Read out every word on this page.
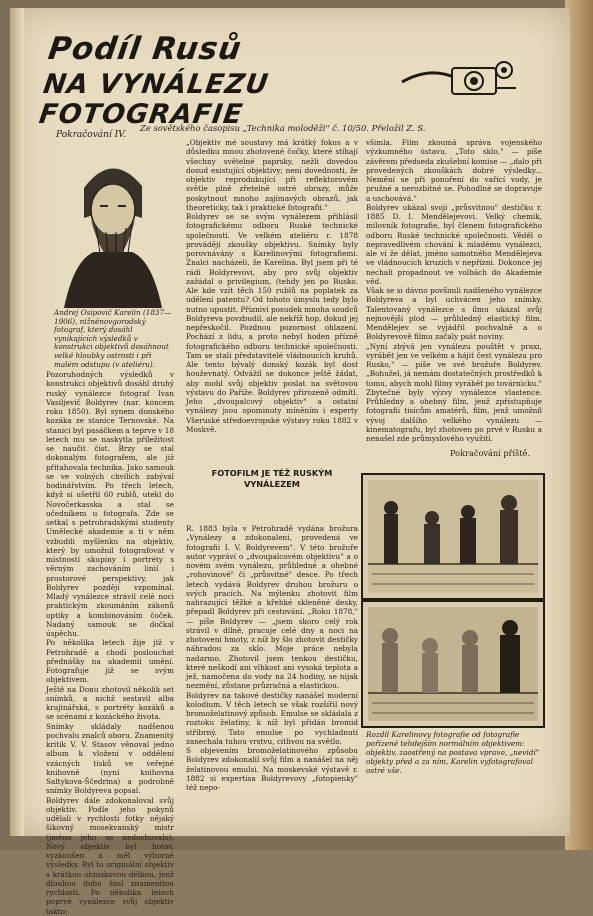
Podíl Rusů
NA VYNÁLEZU FOTOGRAFIE
Ze sovětského časopisu „Technika moloděži" č. 10/50. Přeložil Z. S.
Pokračování IV.
Andrej Osipovič Karelin (1837—1906), nižněnovgorodský fotograf, který dosáhl vynikajících výsledků v konstrukci objektivů dosáhnout velké hloubky ostrosti i při malém odstupu (v ateliéru).

Pozoruhodných výsledků v konstrukci objektivů dosáhl druhý ruský vynálezce fotograf Ivan Vasiljevič Boldyrev (nar. koncem roku 1850). Byl synem donského kozáka ze stanice Ternovské. Na stanici byl pasáčkem a teprve v 18 letech mu se naskytla příležitost se naučit číst. Brzy se stal dokonalým fotografem, ale již přitahovala technika. Jako samouk se ve volných chvílích zabýval hodinářstvím. Po třech letech, když si ušetřil 60 rublů, utekl do Novočerkasska a stal se učedníkem u fotografa. Zde se setkal s petrohradskými studenty Umělecké akademie a ti v něm vzbudili myšlenku na objektiv, který by umožnil fotografovat v místnosti skupiny i portréty s věrným zachováním linií i prostorové perspektivy, jak Boldyrev později vzpomínal. Mladý vynálezce strávil celé noci praktickým zkoumáním zákonů optiky a kombinováním čoček. Nadaný samouk se dočkal úspěchu.

Po několika letech žije již v Petrohradě a chodí poslouchat přednášky na akademii umění. Fotografuje již se svým objektivem.

Ještě na Donu zhotovil několik set snímků, a nichž sestavil alba krajinářská, s portréty kozáků a se scénami z kozáckého života.

Snímky skládaly nadšenou pochvalu znalců oboru. Znamenitý kritik V. V. Stasov věnoval jedno album k vložení v oddělení vzácných tisků ve veřejné knihovně (nyní knihovna Saltykova-Ščedrina) a podrobně snímky Boldyreva popsal.

Boldyrev dále zdokonaloval svůj objektiv. Podle jeho pokynů udělali v rychlosti fotky nějaký šikovný mosekvanský mistr (jméno jeho se nedochovalo). Nový objektiv byl hotov, vyzkoušen a měl výborné výsledky. Byl to originální objektiv s krátkou ohniskovou délkou, jenž dlouhou dobu žasl znamenitou rychlostí. Po několika letech poprvé vynálezce svůj objektiv takto:

„Objektiv mé soustavy má krátký fokus a v důsledku mnou zhotovené čočky, které stíhají všechny světelné paprsky, nežli dovedou dosud existující objektivy; není dovednosti, že objektiv reprodukující při reflektorovém světle plně zřetelně ostré obrazy, může poskytnout mnoho zajímavých obrazů, jak theoreticky, tak i praktické fotografii."

Boldyrev se se svým vynálezem přihlásil fotografickému odboru Ruské technické společnosti. Ve velkém ateliéru r. 1878 provádějí zkoušky objektivu. Snímky byly porovnávány s Karelinovými fotografiemi. Znalci nacházeli, že Karelina. Byl jsem při té rádi Boldyrevovi, aby pro svůj objektiv zažádal o privilegium, (tehdy jen po Rusko. Ale kde vzít těch 150 rublů na poplatek za udělení patentu? Od tohoto úmyslu tedy bylo nutno upustit. Přízniví posudek mnoha soudců Boldyreva povzbudil, ale nekříž hop, dokud jej nepřeskočil. Pozdnou pozornost ohlazení. Pochází z lidu, a proto nebyl hoden přízně fotografického odboru technické společnosti. Tam se stali představitelé vládnoucích kruhů. Ale tento bývalý donský kozák byl dost houževnatý. Odvážil se dokonce ještě žádat, aby mohl svůj objektiv poslat na světovou výstavu do Paříže. Boldyrev přirozeně odmítl. Jeho „dvoupalcový objektiv" a ostatní vynálezy jsou opominuty míněním i experty Všeruské středoevropské výstavy roku 1882 v Moskvě.

FOTOFILM JE TÉŽ RUSKÝM VYNÁLEZEM

R. 1883 byla v Petrohradě vydána brožura „Vynálezy a zdokonalení, provedená ve fotografii I. V. Boldyrevem". V této brožuře autor vypráví o „dvoupalcovém objektivu" a o novém svém vynálezu, průhledné a ohebné „rohovinové" či „průsvitné" desce. Po třech letech vydává Boldyrev druhou brožuru o svých pracích. Na mýlenku zhotovit film nahrazující těžké a křehké skleněné desky, přepadl Boldyrev při cestování. „Roku 1878," — píše Boldyrev — „jsem skoro celý rok strávil v dílně, pracuje celé dny a noci na zhotovení hmoty, z níž by šlo zhotovit destičky náhradou za sklo. Moje práce nebyla nadarmo. Zhotovil jsem tenkou destičku, které neškodí ani vlhkost ani vysoká teplota a jež, namočena do vody na 24 hodiny, se nijak nezmění, zůstane průzračná a elastickou.

Boldyrev na takové destičky nanášel moderní kolodium. V těch letech se však rozšířil nový bromoželatinový způsob. Emulse se skládala z roztoku želatiny, k níž byl přidán bromid stříbrný. Tato emulse po vychladnutí zanechala tuhou vrstvu, citlivou na světlo.

S objevením bromoželatinového způsobu Boldyrev zdokonalil svůj film a nanášel na něj želatinovou emulsi. Na moskevské výstavě r. 1882 si expertisa Boldyrevovy „fotopienky" též nepo-

všimla. Film zkoumá správa vojenského výzkumného ústavu. „Toto sklo," — píše závěrem předseda zkušební komise — „dalo při provedených zkouškách dobré výsledky... Nemění se při ponoření do vařící vody, je pružné a nerozbitné se. Pohodlné se dopravuje a uschovává."

Boldyrev ukázal svoji „průsvitnou" destičku r. 1885 D. I. Mendělejevovi. Velký chemik, milovník fotografie, byl členem fotografického odboru Ruské technické společnosti. Věděl o nepravedlivém chování k mladému vynálezci, ale ví že dělat, jméno samotného Mendělejeva ve vládnoucích kruzích v nepřízni. Dokonce jej nechali propadnout ve volbách do Akademie věd.

Však se si dávno povšimli nadšeného vynálezce Boldyreva a byl uchvácen jeho snímky. Talentovaný vynálezce s ílmu ukázal svůj nejnovější plod — průhledný elastický film. Mendělejev se vyjádřil pochvalně a o Boldyrevově filmu začaly psát noviny.

„Nyní zbývá jen vynálezu pouštět v praxi, vyrábět jen ve velkém a hájit čest vynálezu pro Rusko," — píše ve své brožuře Boldyrev. „Bohužel, já nemám dostatečných prostředků k tomu, abych mohl filmy vyrábět po továrnicku."

Zbytečné byly výzvy vynálezce vlastence. Průhledný a ohebný film, jenž zpřístupňuje fotografii tisícům amatérů, film, jenž umožnil vývoj dalšího velkého vynálezu — kinematografu, byl zhotoven po prvé v Rusku a nenašel zde průmyslového využití.

Pokračování příště.
Rozdíl Karelinovy fotografie od fotografie pořízené tehdejším normálním objektivem: objektiv, zaostřený na postava vpravo, „nevidí" objekty před a za ním, Karelin vyfotografoval ostré vše.
